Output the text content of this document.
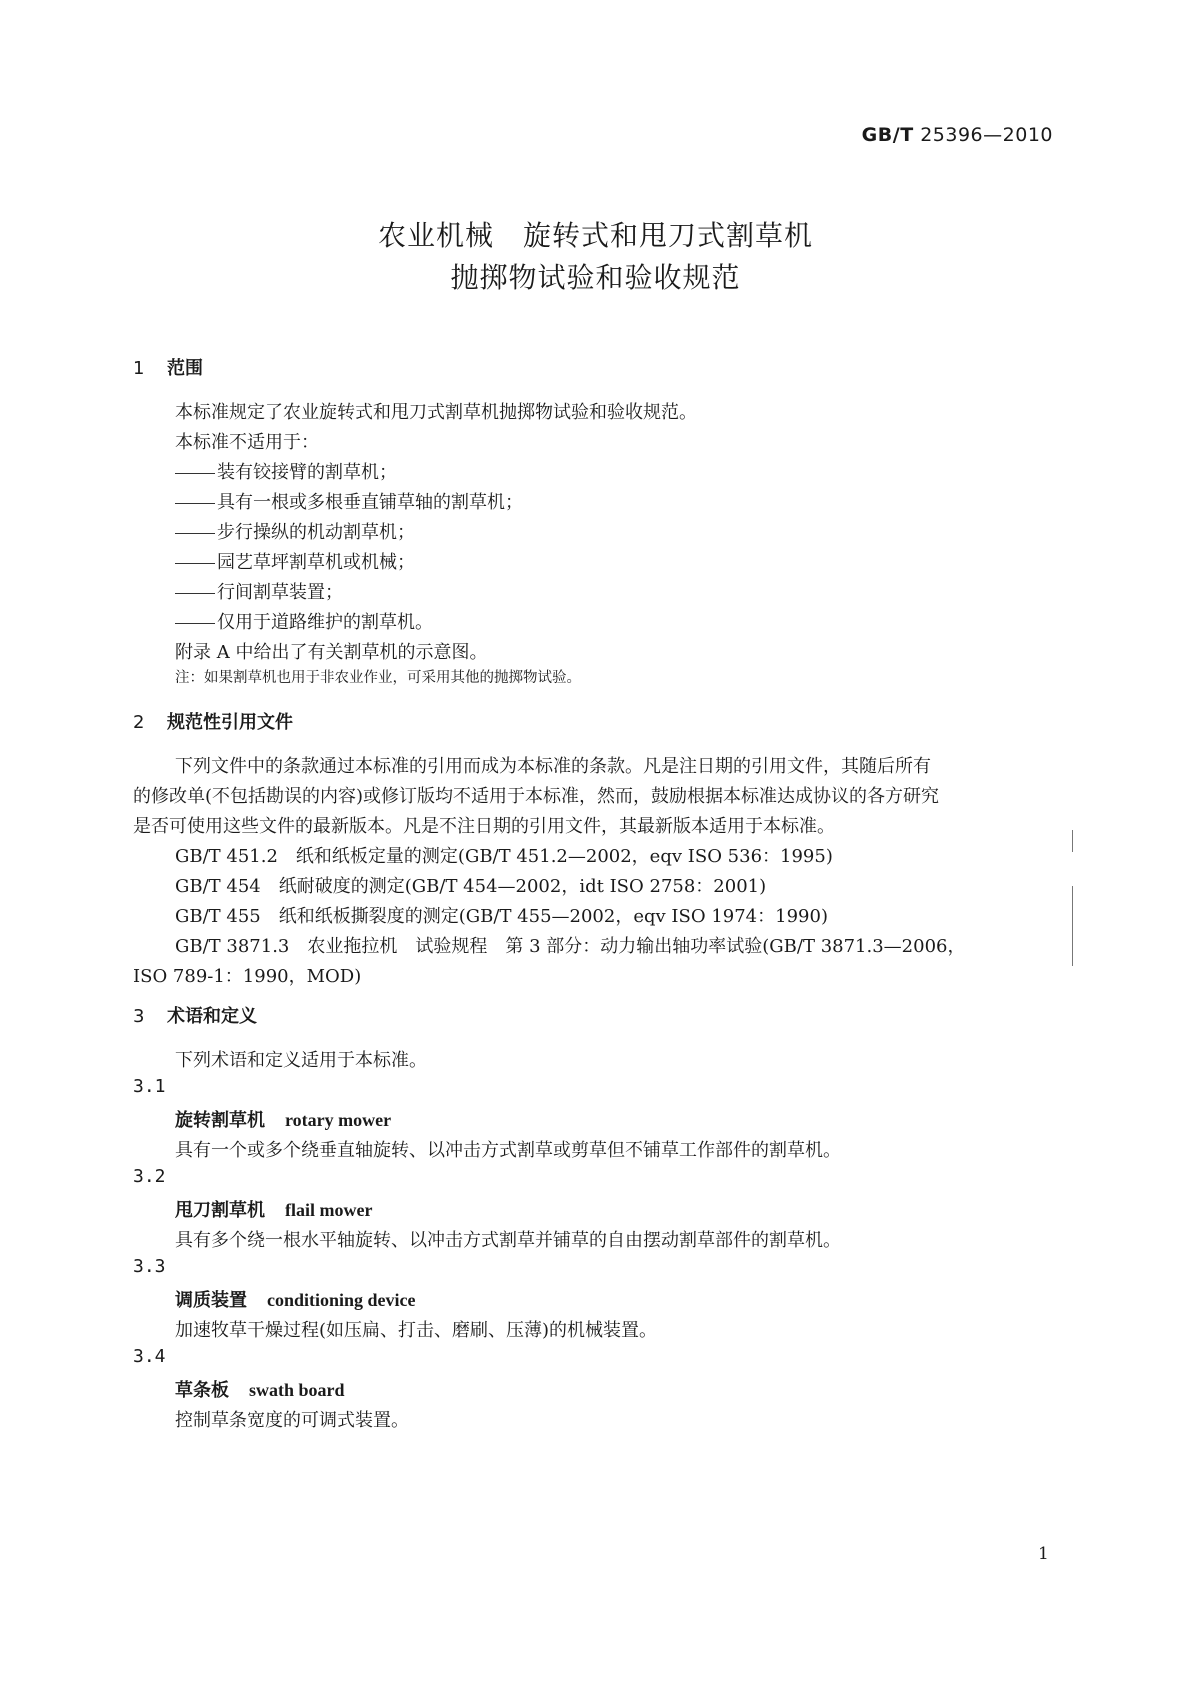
GB/T 25396—2010
农业机械　旋转式和甩刀式割草机
抛掷物试验和验收规范
1 范围
本标准规定了农业旋转式和甩刀式割草机抛掷物试验和验收规范。
本标准不适用于：
装有铰接臂的割草机；
具有一根或多根垂直铺草轴的割草机；
步行操纵的机动割草机；
园艺草坪割草机或机械；
行间割草装置；
仅用于道路维护的割草机。
附录 A 中给出了有关割草机的示意图。
注：如果割草机也用于非农业作业，可采用其他的抛掷物试验。
2 规范性引用文件
下列文件中的条款通过本标准的引用而成为本标准的条款。凡是注日期的引用文件，其随后所有
的修改单(不包括勘误的内容)或修订版均不适用于本标准，然而，鼓励根据本标准达成协议的各方研究
是否可使用这些文件的最新版本。凡是不注日期的引用文件，其最新版本适用于本标准。
GB/T 451.2　纸和纸板定量的测定(GB/T 451.2—2002，eqv ISO 536：1995)
GB/T 454　纸耐破度的测定(GB/T 454—2002，idt ISO 2758：2001)
GB/T 455　纸和纸板撕裂度的测定(GB/T 455—2002，eqv ISO 1974：1990)
GB/T 3871.3　农业拖拉机　试验规程　第 3 部分：动力输出轴功率试验(GB/T 3871.3—2006，
ISO 789-1：1990，MOD)
3 术语和定义
下列术语和定义适用于本标准。
3.1
旋转割草机 rotary mower
具有一个或多个绕垂直轴旋转、以冲击方式割草或剪草但不铺草工作部件的割草机。
3.2
甩刀割草机 flail mower
具有多个绕一根水平轴旋转、以冲击方式割草并铺草的自由摆动割草部件的割草机。
3.3
调质装置 conditioning device
加速牧草干燥过程(如压扁、打击、磨刷、压薄)的机械装置。
3.4
草条板 swath board
控制草条宽度的可调式装置。
1
